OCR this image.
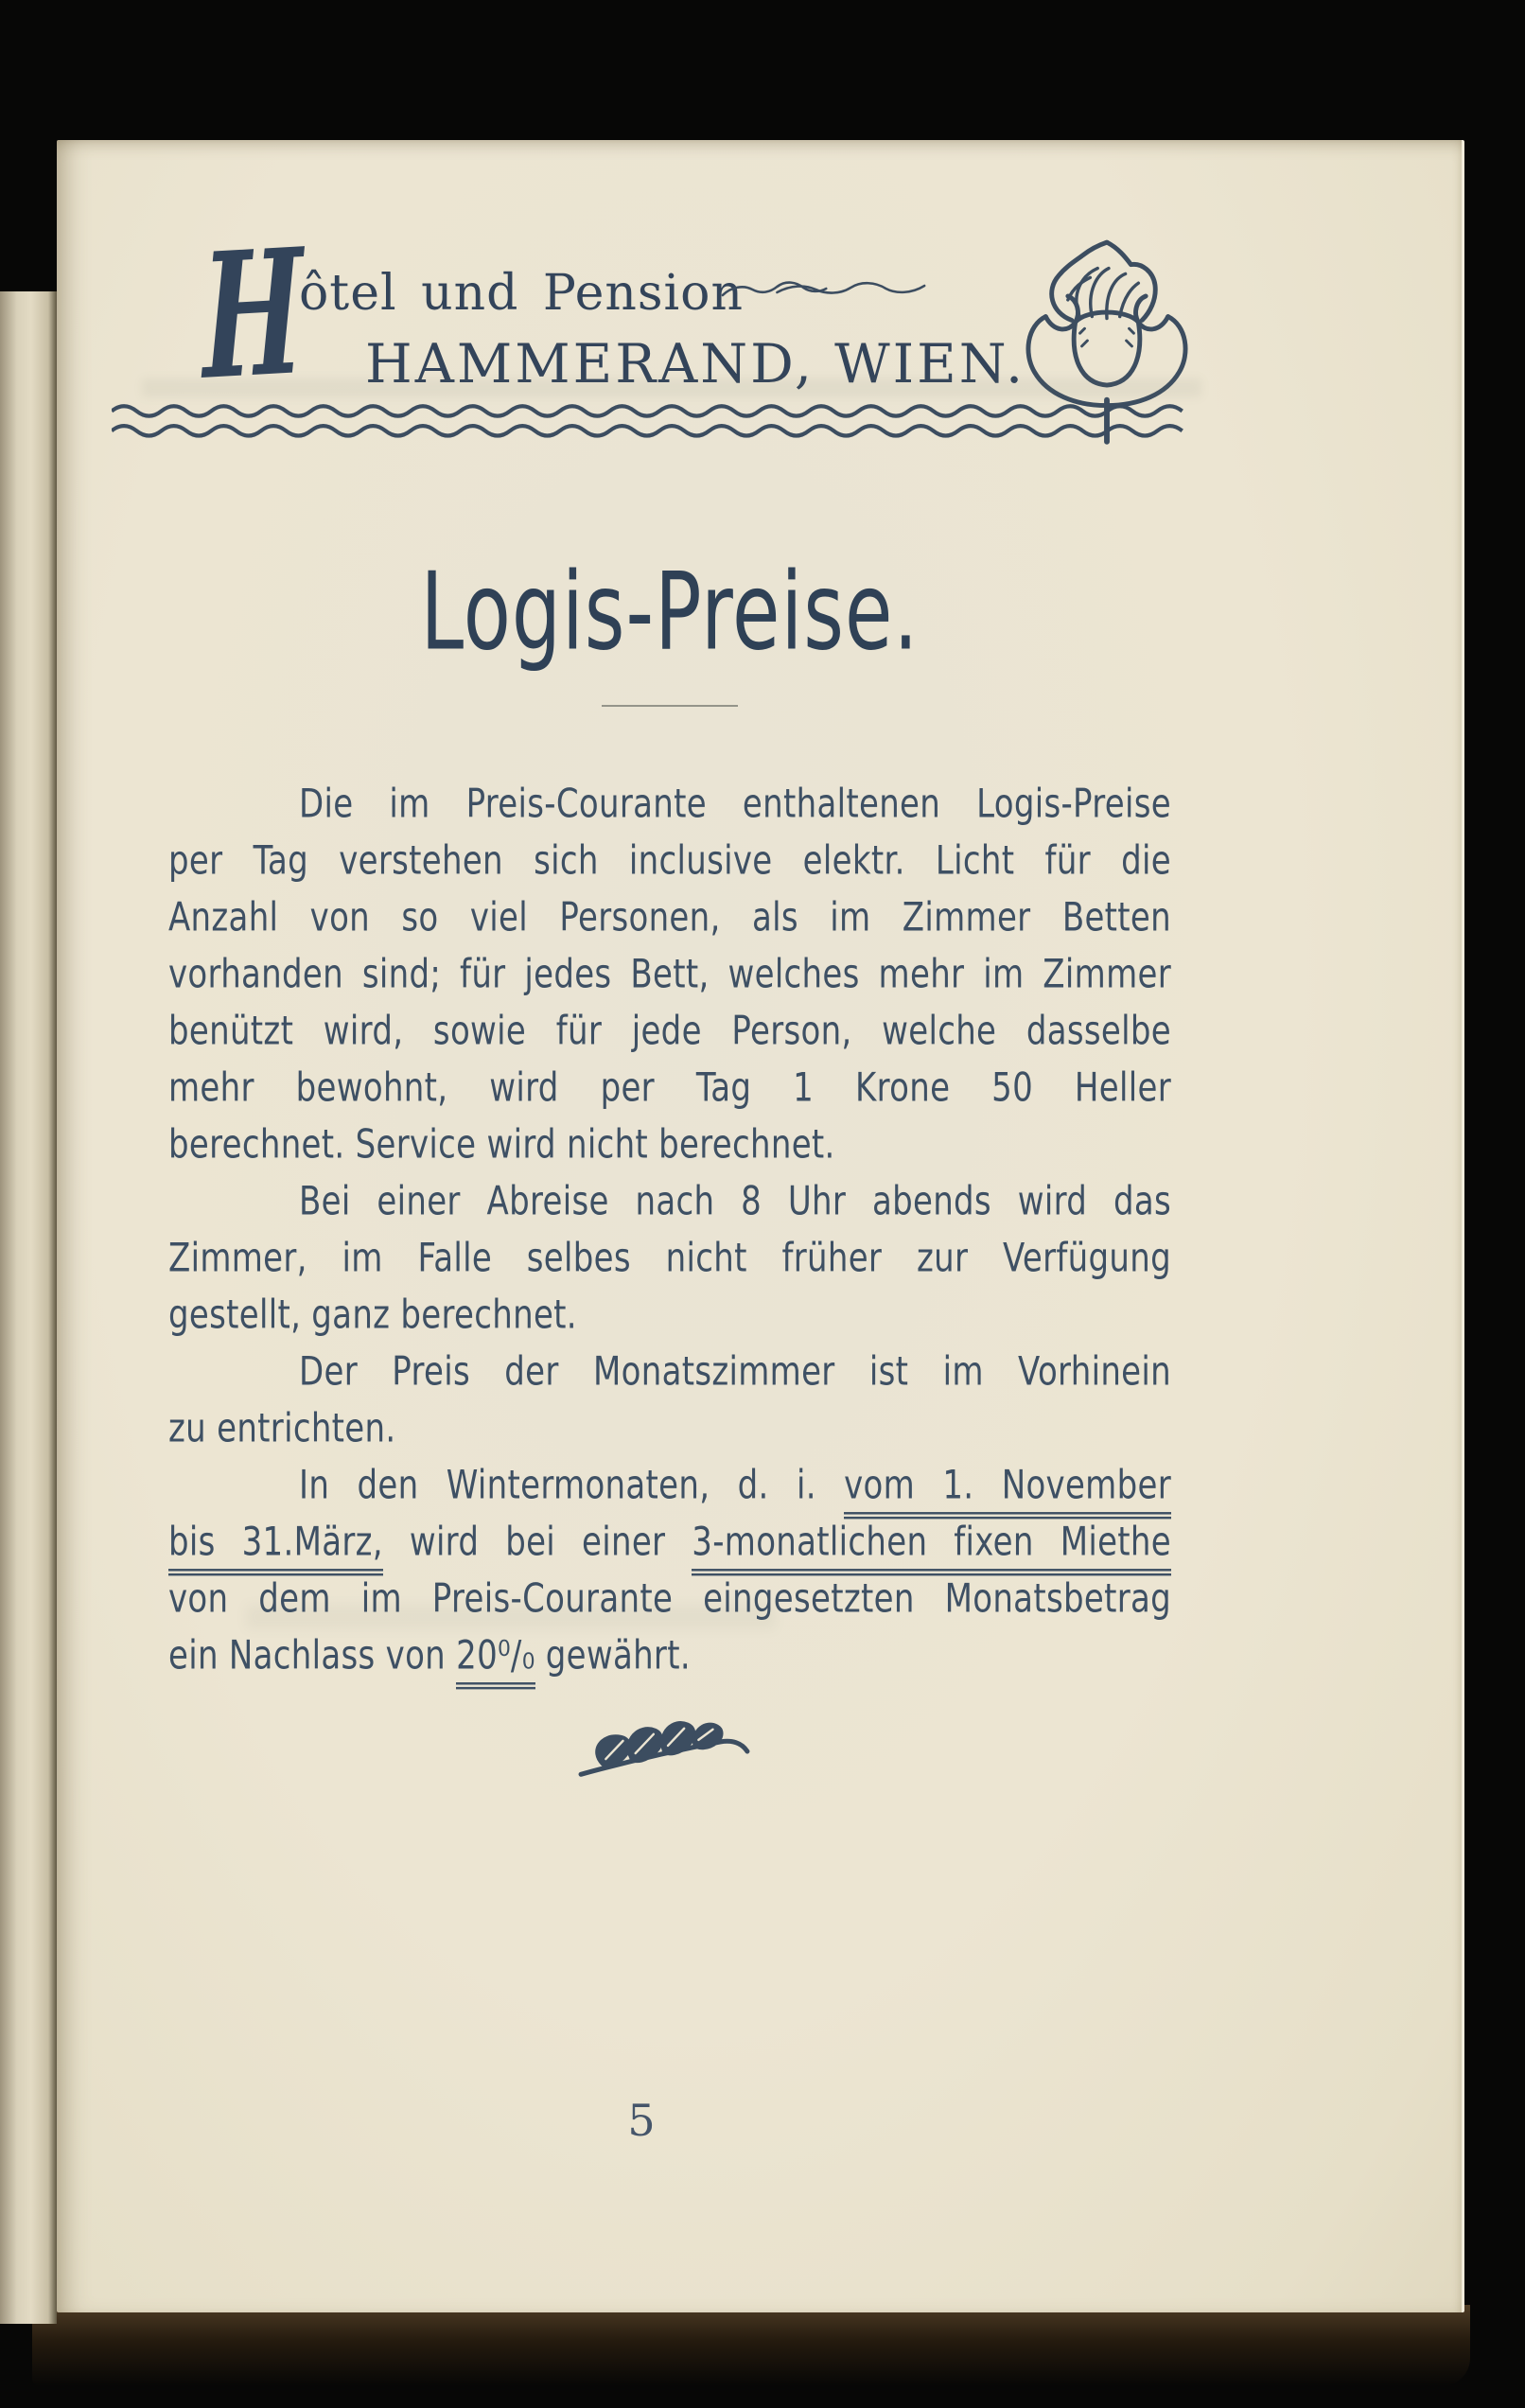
H
ôtel und Pension
HAMMERAND, WIEN.
Logis-Preise.
Die im Preis-Courante enthaltenen Logis-Preise
per Tag verstehen sich inclusive elektr. Licht für die
Anzahl von so viel Personen, als im Zimmer Betten
vorhanden sind; für jedes Bett, welches mehr im Zimmer
benützt wird, sowie für jede Person, welche dasselbe
mehr bewohnt, wird per Tag 1 Krone 50 Heller
berechnet. Service wird nicht berechnet.
Bei einer Abreise nach 8 Uhr abends wird das
Zimmer, im Falle selbes nicht früher zur Verfügung
gestellt, ganz berechnet.
Der Preis der Monatszimmer ist im Vorhinein
zu entrichten.
In den Wintermonaten, d. i. vom 1. November
bis 31.März, wird bei einer 3-monatlichen fixen Miethe
von dem im Preis-Courante eingesetzten Monatsbetrag
ein Nachlass von 20⁰/₀ gewährt.
5
